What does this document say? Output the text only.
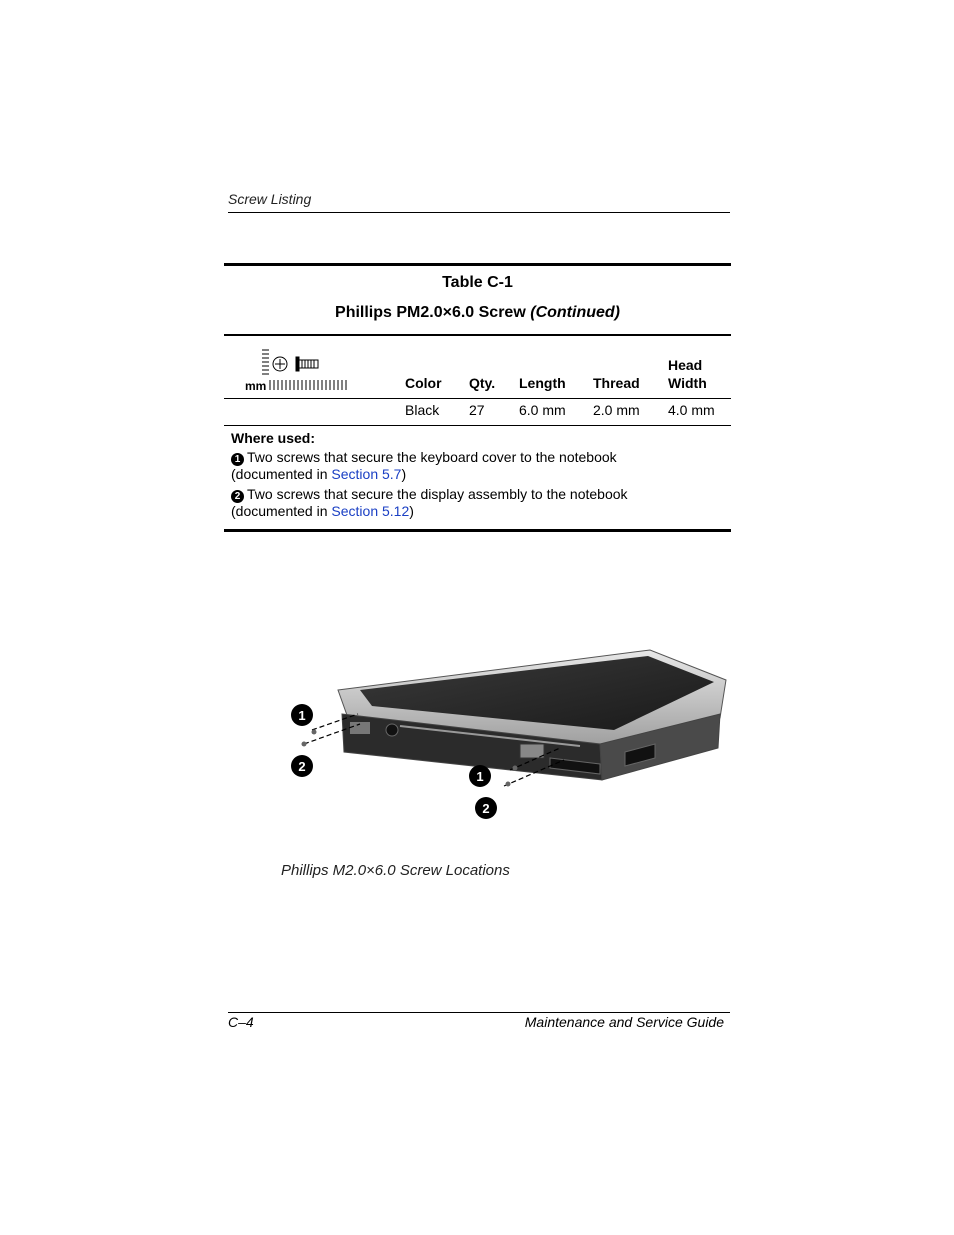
Screw Listing
Table C-1
Phillips PM2.0×6.0 Screw (Continued)
mm	Color Qty. Length Thread
Head
Width
Black 27 6.0 mm 2.0 mm 4.0 mm
Where used:
1 Two screws that secure the keyboard cover to the notebook
(documented in Section 5.7)
2 Two screws that secure the display assembly to the notebook
(documented in Section 5.12)
1
2
1
2
Phillips M2.0×6.0 Screw Locations
C–4	Maintenance and Service Guide
